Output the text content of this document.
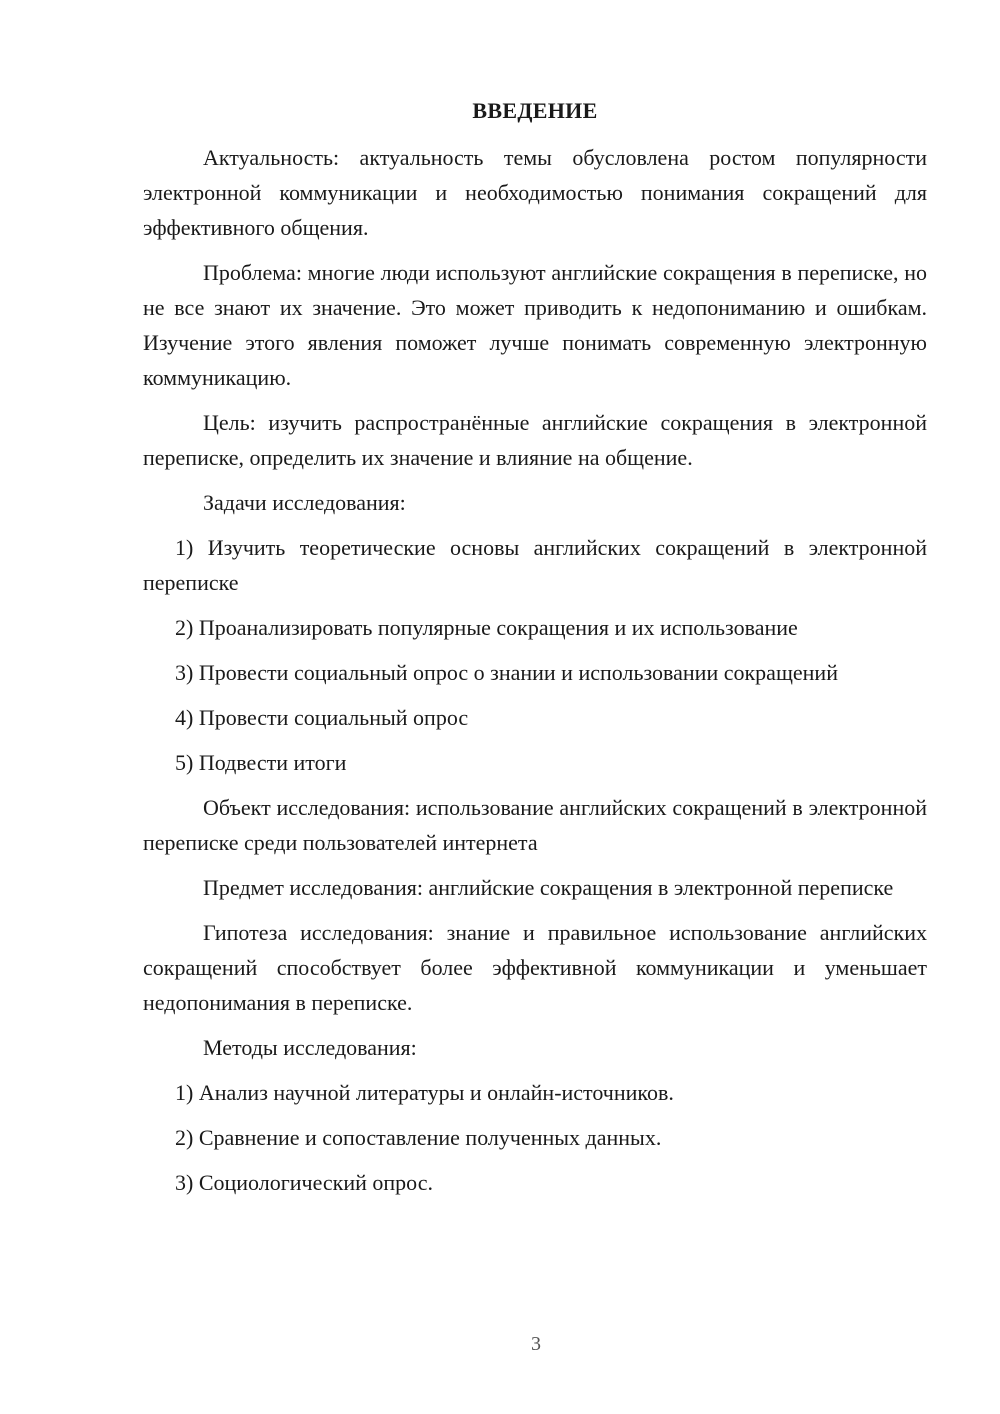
ВВЕДЕНИЕ

Актуальность: актуальность темы обусловлена ростом популярности электронной коммуникации и необходимостью понимания сокращений для эффективного общения.

Проблема: многие люди используют английские сокращения в переписке, но не все знают их значение. Это может приводить к недопониманию и ошибкам. Изучение этого явления поможет лучше понимать современную электронную коммуникацию.

Цель: изучить распространённые английские сокращения в электронной переписке, определить их значение и влияние на общение.

Задачи исследования:

1) Изучить теоретические основы английских сокращений в электронной переписке

2) Проанализировать популярные сокращения и их использование

3) Провести социальный опрос о знании и использовании сокращений

4) Провести социальный опрос

5) Подвести итоги

Объект исследования: использование английских сокращений в электронной переписке среди пользователей интернета

Предмет исследования: английские сокращения в электронной переписке

Гипотеза исследования: знание и правильное использование английских сокращений способствует более эффективной коммуникации и уменьшает недопонимания в переписке.

Методы исследования:

1) Анализ научной литературы и онлайн-источников.

2) Сравнение и сопоставление полученных данных.

3) Социологический опрос.

3
